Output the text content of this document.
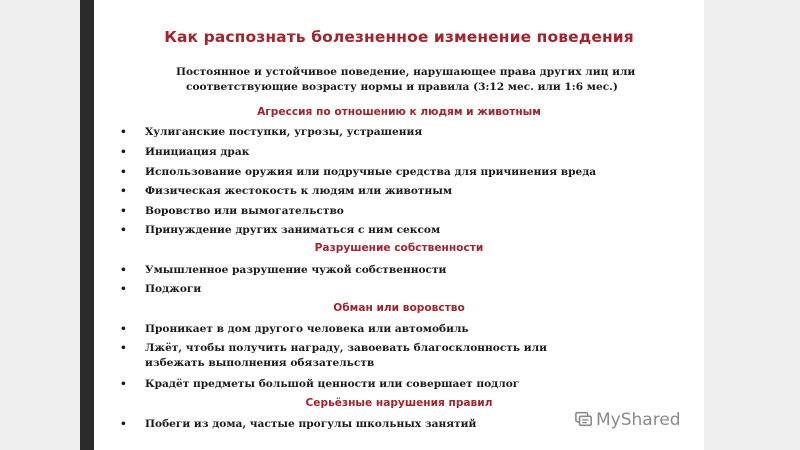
Как распознать болезненное изменение поведения
Постоянное и устойчивое поведение, нарушающее права других лиц или
соответствующие возрасту нормы и правила (3:12 мес. или 1:6 мес.)
Агрессия по отношению к людям и животным
•	Хулиганские поступки, угрозы, устрашения
•	Инициация драк
•	Использование оружия или подручные средства для причинения вреда
•	Физическая жестокость к людям или животным
•	Воровство или вымогательство
•	Принуждение других заниматься с ним сексом
Разрушение собственности
•	Умышленное разрушение чужой собственности
•	Поджоги
Обман или воровство
•	Проникает в дом другого человека или автомобиль
•	Лжёт, чтобы получить награду, завоевать благосклонность или избежать выполнения обязательств
•	Крадёт предметы большой ценности или совершает подлог
Серьёзные нарушения правил
•	Побеги из дома, частые прогулы школьных занятий	MyShared
